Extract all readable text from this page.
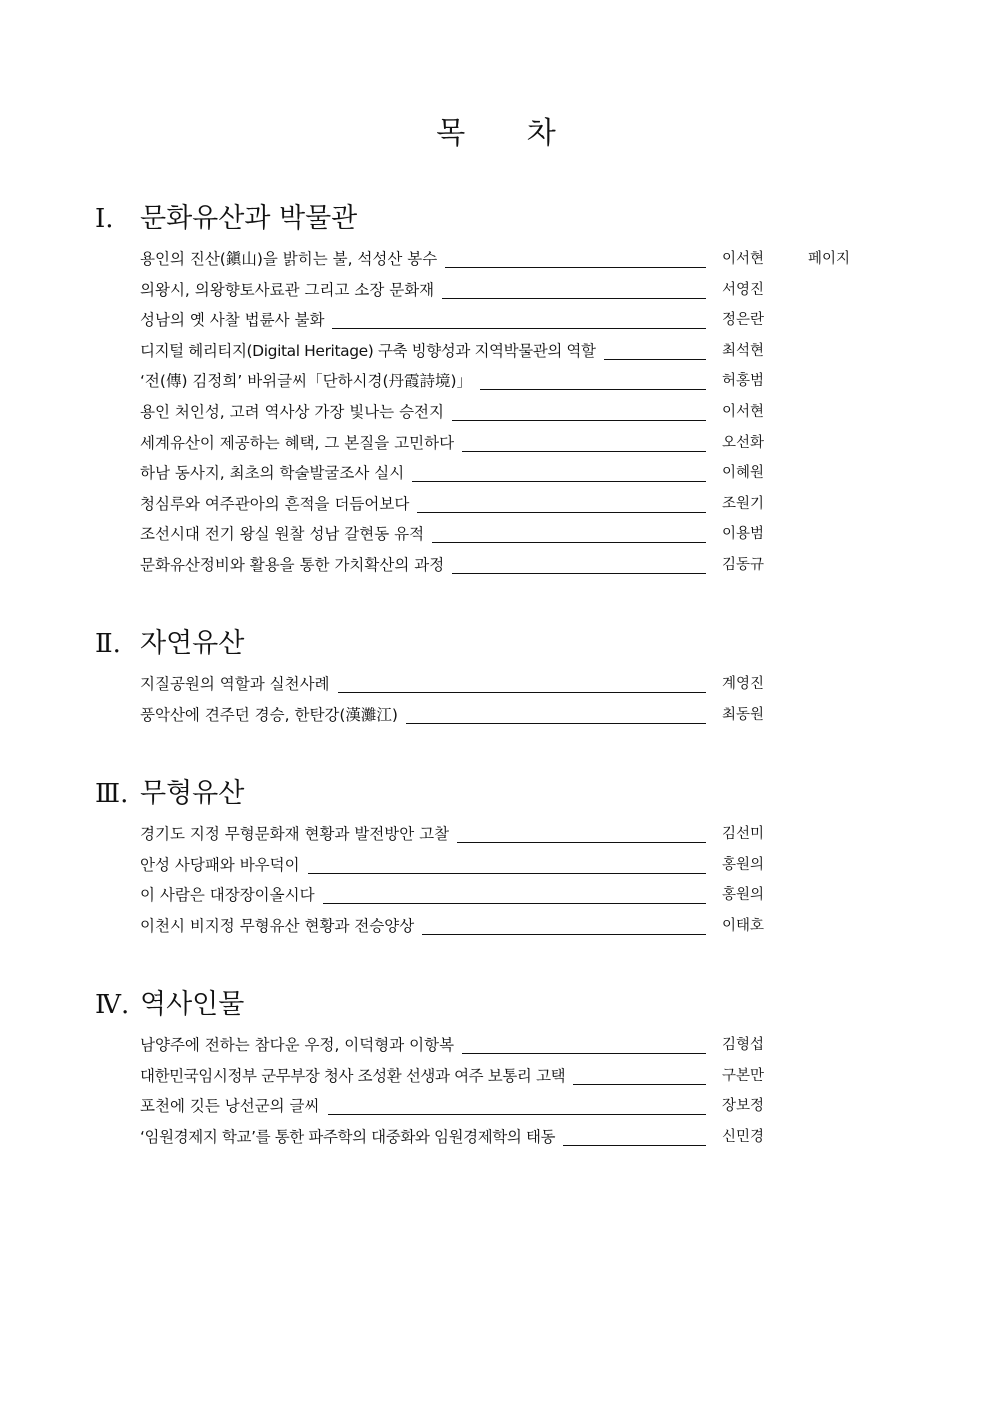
목 차
Ⅰ. 문화유산과 박물관
용인의 진산(鎭山)을 밝히는 불, 석성산 봉수	이서현	페이지
의왕시, 의왕향토사료관 그리고 소장 문화재	서영진
성남의 옛 사찰 법륜사 불화	정은란
디지털 헤리티지(Digital Heritage) 구축 빙향성과 지역박물관의 역할	최석현
‘전(傳) 김정희’ 바위글씨「단하시경(丹霞詩境)」	허홍범
용인 처인성, 고려 역사상 가장 빛나는 승전지	이서현
세계유산이 제공하는 혜택, 그 본질을 고민하다	오선화
하남 동사지, 최초의 학술발굴조사 실시	이혜원
청심루와 여주관아의 흔적을 더듬어보다	조원기
조선시대 전기 왕실 원찰 성남 갈현동 유적	이용범
문화유산정비와 활용을 통한 가치확산의 과정	김동규
Ⅱ. 자연유산
지질공원의 역할과 실천사례	계영진
풍악산에 견주던 경승, 한탄강(漢灘江)	최동원
Ⅲ. 무형유산
경기도 지정 무형문화재 현황과 발전방안 고찰	김선미
안성 사당패와 바우덕이	홍원의
이 사람은 대장장이올시다	홍원의
이천시 비지정 무형유산 현황과 전승양상	이태호
Ⅳ. 역사인물
남양주에 전하는 참다운 우정, 이덕형과 이항복	김형섭
대한민국임시정부 군무부장 청사 조성환 선생과 여주 보통리 고택	구본만
포천에 깃든 낭선군의 글씨	장보정
‘임원경제지 학교’를 통한 파주학의 대중화와 임원경제학의 태동	신민경
